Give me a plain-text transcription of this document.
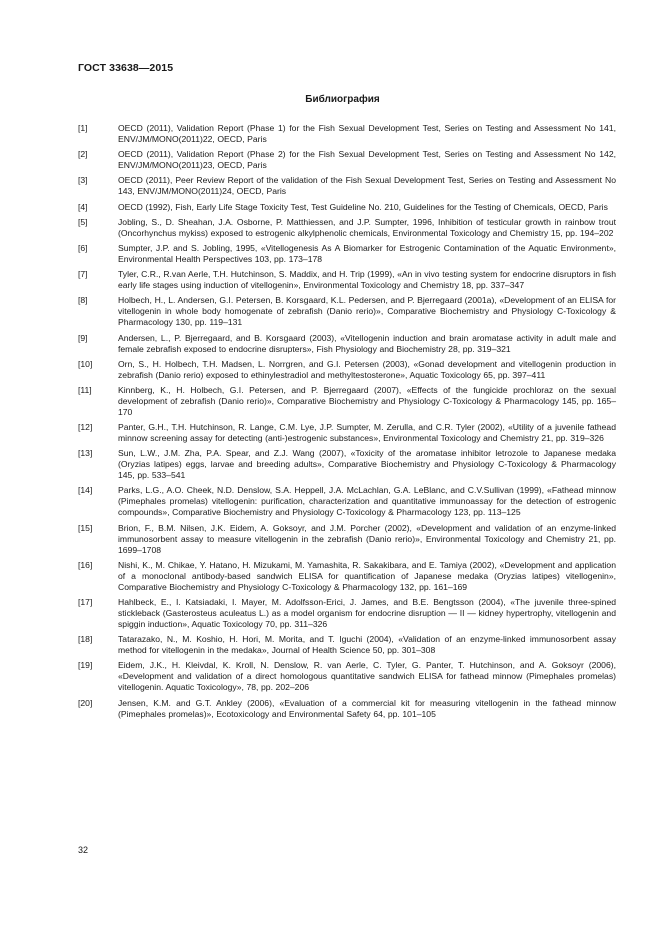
ГОСТ 33638—2015
Библиография
[1]	OECD (2011), Validation Report (Phase 1) for the Fish Sexual Development Test, Series on Testing and Assessment No 141, ENV/JM/MONO(2011)22, OECD, Paris
[2]	OECD (2011), Validation Report (Phase 2) for the Fish Sexual Development Test, Series on Testing and Assessment No 142, ENV/JM/MONO(2011)23, OECD, Paris
[3]	OECD (2011), Peer Review Report of the validation of the Fish Sexual Development Test, Series on Testing and Assessment No 143, ENV/JM/MONO(2011)24, OECD, Paris
[4]	OECD (1992), Fish, Early Life Stage Toxicity Test, Test Guideline No. 210, Guidelines for the Testing of Chemicals, OECD, Paris
[5]	Jobling, S., D. Sheahan, J.A. Osborne, P. Matthiessen, and J.P. Sumpter, 1996, Inhibition of testicular growth in rainbow trout (Oncorhynchus mykiss) exposed to estrogenic alkylphenolic chemicals, Environmental Toxicology and Chemistry 15, pp. 194–202
[6]	Sumpter, J.P. and S. Jobling, 1995, «Vitellogenesis As A Biomarker for Estrogenic Contamination of the Aquatic Environment», Environmental Health Perspectives 103, pp. 173–178
[7]	Tyler, C.R., R.van Aerle, T.H. Hutchinson, S. Maddix, and H. Trip (1999), «An in vivo testing system for endocrine disruptors in fish early life stages using induction of vitellogenin», Environmental Toxicology and Chemistry 18, pp. 337–347
[8]	Holbech, H., L. Andersen, G.I. Petersen, B. Korsgaard, K.L. Pedersen, and P. Bjerregaard (2001a), «Development of an ELISA for vitellogenin in whole body homogenate of zebrafish (Danio rerio)», Comparative Biochemistry and Physiology C-Toxicology & Pharmacology 130, pp. 119–131
[9]	Andersen, L., P. Bjerregaard, and B. Korsgaard (2003), «Vitellogenin induction and brain aromatase activity in adult male and female zebrafish exposed to endocrine disrupters», Fish Physiology and Biochemistry 28, pp. 319–321
[10]	Orn, S., H. Holbech, T.H. Madsen, L. Norrgren, and G.I. Petersen (2003), «Gonad development and vitellogenin production in zebrafish (Danio rerio) exposed to ethinylestradiol and methyltestosterone», Aquatic Toxicology 65, pp. 397–411
[11]	Kinnberg, K., H. Holbech, G.I. Petersen, and P. Bjerregaard (2007), «Effects of the fungicide prochloraz on the sexual development of zebrafish (Danio rerio)», Comparative Biochemistry and Physiology C-Toxicology & Pharmacology 145, pp. 165–170
[12]	Panter, G.H., T.H. Hutchinson, R. Lange, C.M. Lye, J.P. Sumpter, M. Zerulla, and C.R. Tyler (2002), «Utility of a juvenile fathead minnow screening assay for detecting (anti-)estrogenic substances», Environmental Toxicology and Chemistry 21, pp. 319–326
[13]	Sun, L.W., J.M. Zha, P.A. Spear, and Z.J. Wang (2007), «Toxicity of the aromatase inhibitor letrozole to Japanese medaka (Oryzias latipes) eggs, larvae and breeding adults», Comparative Biochemistry and Physiology C-Toxicology & Pharmacology 145, pp. 533–541
[14]	Parks, L.G., A.O. Cheek, N.D. Denslow, S.A. Heppell, J.A. McLachlan, G.A. LeBlanc, and C.V.Sullivan (1999), «Fathead minnow (Pimephales promelas) vitellogenin: purification, characterization and quantitative immunoassay for the detection of estrogenic compounds», Comparative Biochemistry and Physiology C-Toxicology & Pharmacology 123, pp. 113–125
[15]	Brion, F., B.M. Nilsen, J.K. Eidem, A. Goksoyr, and J.M. Porcher (2002), «Development and validation of an enzyme-linked immunosorbent assay to measure vitellogenin in the zebrafish (Danio rerio)», Environmental Toxicology and Chemistry 21, pp. 1699–1708
[16]	Nishi, K., M. Chikae, Y. Hatano, H. Mizukami, M. Yamashita, R. Sakakibara, and E. Tamiya (2002), «Development and application of a monoclonal antibody-based sandwich ELISA for quantification of Japanese medaka (Oryzias latipes) vitellogenin», Comparative Biochemistry and Physiology C-Toxicology & Pharmacology 132, pp. 161–169
[17]	Hahlbeck, E., I. Katsiadaki, I. Mayer, M. Adolfsson-Erici, J. James, and B.E. Bengtsson (2004), «The juvenile three-spined stickleback (Gasterosteus aculeatus L.) as a model organism for endocrine disruption — II — kidney hypertrophy, vitellogenin and spiggin induction», Aquatic Toxicology 70, pp. 311–326
[18]	Tatarazako, N., M. Koshio, H. Hori, M. Morita, and T. Iguchi (2004), «Validation of an enzyme-linked immunosorbent assay method for vitellogenin in the medaka», Journal of Health Science 50, pp. 301–308
[19]	Eidem, J.K., H. Kleivdal, K. Kroll, N. Denslow, R. van Aerle, C. Tyler, G. Panter, T. Hutchinson, and A. Goksoyr (2006), «Development and validation of a direct homologous quantitative sandwich ELISA for fathead minnow (Pimephales promelas) vitellogenin. Aquatic Toxicology», 78, pp. 202–206
[20]	Jensen, K.M. and G.T. Ankley (2006), «Evaluation of a commercial kit for measuring vitellogenin in the fathead minnow (Pimephales promelas)», Ecotoxicology and Environmental Safety 64, pp. 101–105
32
